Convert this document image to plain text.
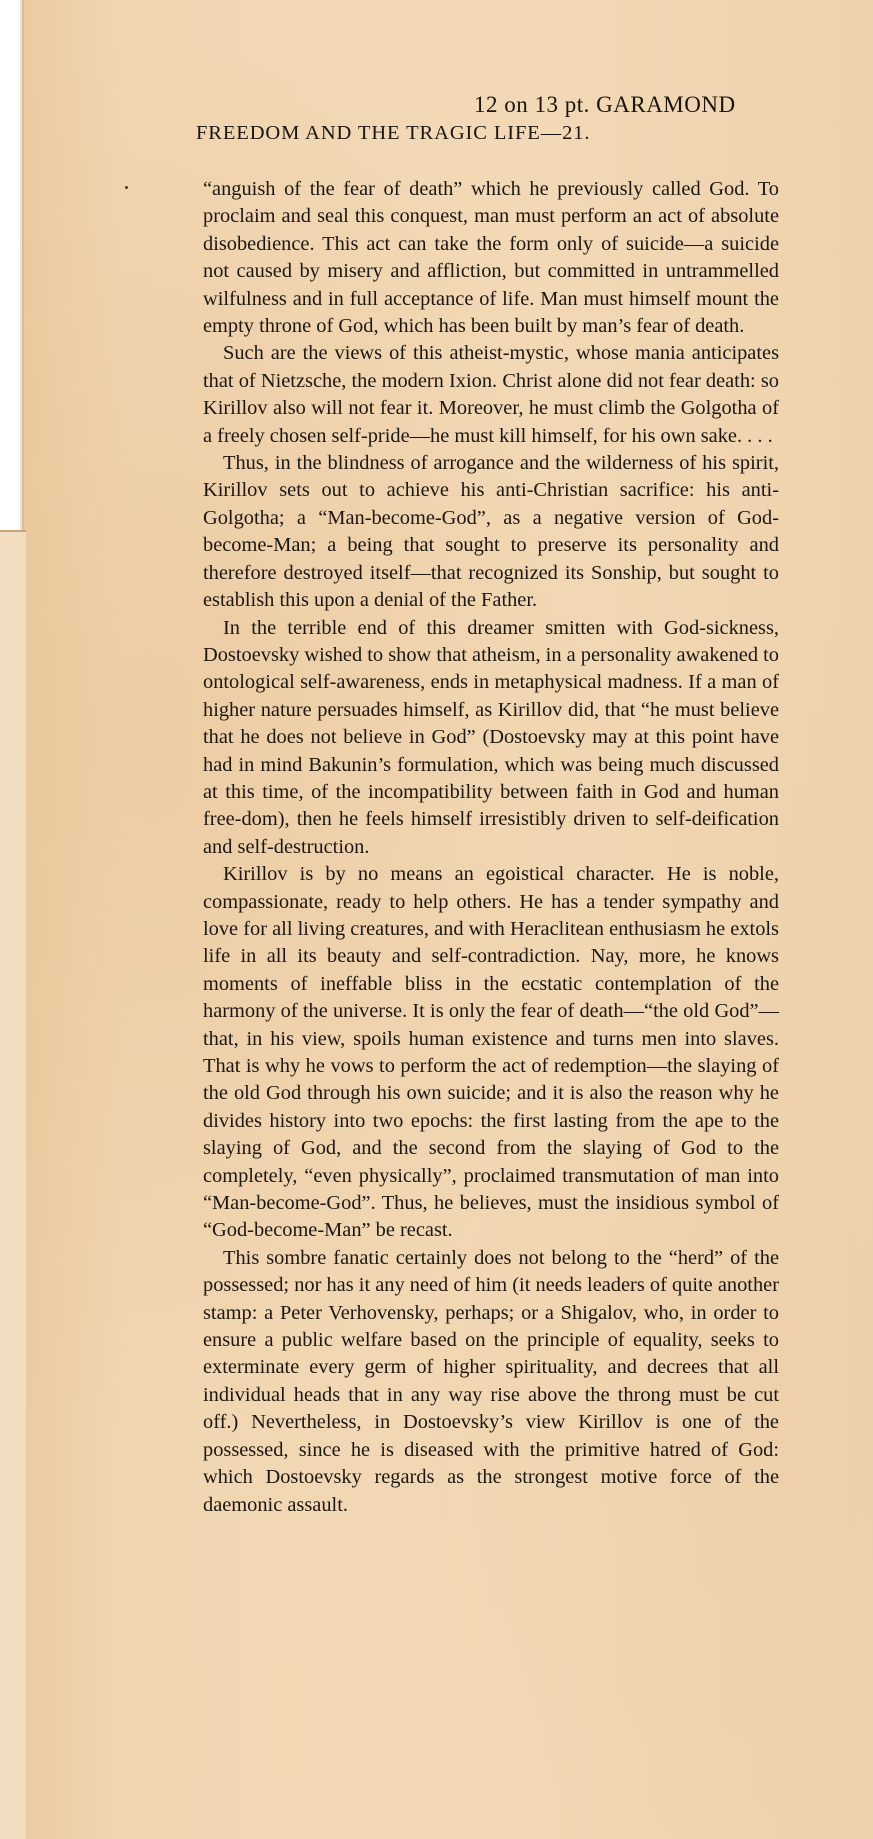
12 on 13 pt. GARAMOND
FREEDOM AND THE TRAGIC LIFE—21.

“anguish of the fear of death” which he previously called God. To proclaim and seal this conquest, man must perform an act of absolute disobedience. This act can take the form only of suicide—a suicide not caused by misery and affliction, but committed in untrammelled wilfulness and in full acceptance of life. Man must himself mount the empty throne of God, which has been built by man’s fear of death.

Such are the views of this atheist-mystic, whose mania anticipates that of Nietzsche, the modern Ixion. Christ alone did not fear death: so Kirillov also will not fear it. Moreover, he must climb the Golgotha of a freely chosen self-pride—he must kill himself, for his own sake. . . .

Thus, in the blindness of arrogance and the wilderness of his spirit, Kirillov sets out to achieve his anti-Christian sacrifice: his anti-Golgotha; a “Man-become-God”, as a negative version of God-become-Man; a being that sought to preserve its personality and therefore destroyed itself—that recognized its Sonship, but sought to establish this upon a denial of the Father.

In the terrible end of this dreamer smitten with God-sickness, Dostoevsky wished to show that atheism, in a personality awakened to ontological self-awareness, ends in metaphysical madness. If a man of higher nature persuades himself, as Kirillov did, that “he must believe that he does not believe in God” (Dostoevsky may at this point have had in mind Bakunin’s formulation, which was being much discussed at this time, of the incompatibility between faith in God and human free-dom), then he feels himself irresistibly driven to self-deification and self-destruction.

Kirillov is by no means an egoistical character. He is noble, compassionate, ready to help others. He has a tender sympathy and love for all living creatures, and with Heraclitean enthusiasm he extols life in all its beauty and self-contradiction. Nay, more, he knows moments of ineffable bliss in the ecstatic contemplation of the harmony of the universe. It is only the fear of death—“the old God”—that, in his view, spoils human existence and turns men into slaves. That is why he vows to perform the act of redemption—the slaying of the old God through his own suicide; and it is also the reason why he divides history into two epochs: the first lasting from the ape to the slaying of God, and the second from the slaying of God to the completely, “even physically”, proclaimed transmutation of man into “Man-become-God”. Thus, he believes, must the insidious symbol of “God-become-Man” be recast.

This sombre fanatic certainly does not belong to the “herd” of the possessed; nor has it any need of him (it needs leaders of quite another stamp: a Peter Verhovensky, perhaps; or a Shigalov, who, in order to ensure a public welfare based on the principle of equality, seeks to exterminate every germ of higher spirituality, and decrees that all individual heads that in any way rise above the throng must be cut off.) Nevertheless, in Dostoevsky’s view Kirillov is one of the possessed, since he is diseased with the primitive hatred of God: which Dostoevsky regards as the strongest motive force of the daemonic assault.
